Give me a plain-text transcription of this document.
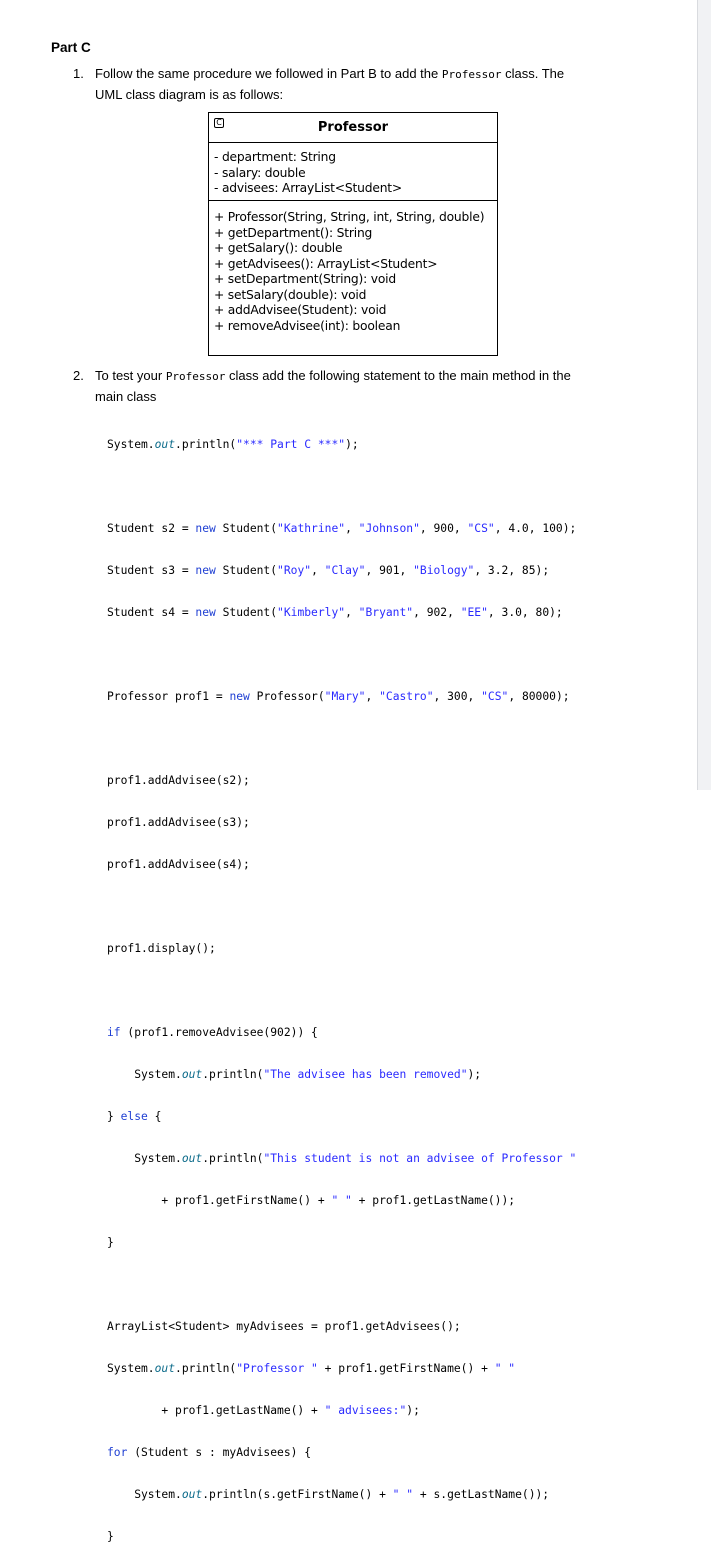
Part C
1. Follow the same procedure we followed in Part B to add the Professor class. The
UML class diagram is as follows:
C	Professor
- department: String
- salary: double
- advisees: ArrayList<Student>
+ Professor(String, String, int, String, double)
+ getDepartment(): String
+ getSalary(): double
+ getAdvisees(): ArrayList<Student>
+ setDepartment(String): void
+ setSalary(double): void
+ addAdvisee(Student): void
+ removeAdvisee(int): boolean
2. To test your Professor class add the following statement to the main method in the
main class

System.out.println("*** Part C ***");

Student s2 = new Student("Kathrine", "Johnson", 900, "CS", 4.0, 100);

Student s3 = new Student("Roy", "Clay", 901, "Biology", 3.2, 85);

Student s4 = new Student("Kimberly", "Bryant", 902, "EE", 3.0, 80);

Professor prof1 = new Professor("Mary", "Castro", 300, "CS", 80000);

prof1.addAdvisee(s2);

prof1.addAdvisee(s3);

prof1.addAdvisee(s4);

prof1.display();

if (prof1.removeAdvisee(902)) {

System.out.println("The advisee has been removed");

} else {

System.out.println("This student is not an advisee of Professor "

+ prof1.getFirstName() + " " + prof1.getLastName());

}

ArrayList<Student> myAdvisees = prof1.getAdvisees();

System.out.println("Professor " + prof1.getFirstName() + " "

+ prof1.getLastName() + " advisees:");

for (Student s : myAdvisees) {

System.out.println(s.getFirstName() + " " + s.getLastName());

}
